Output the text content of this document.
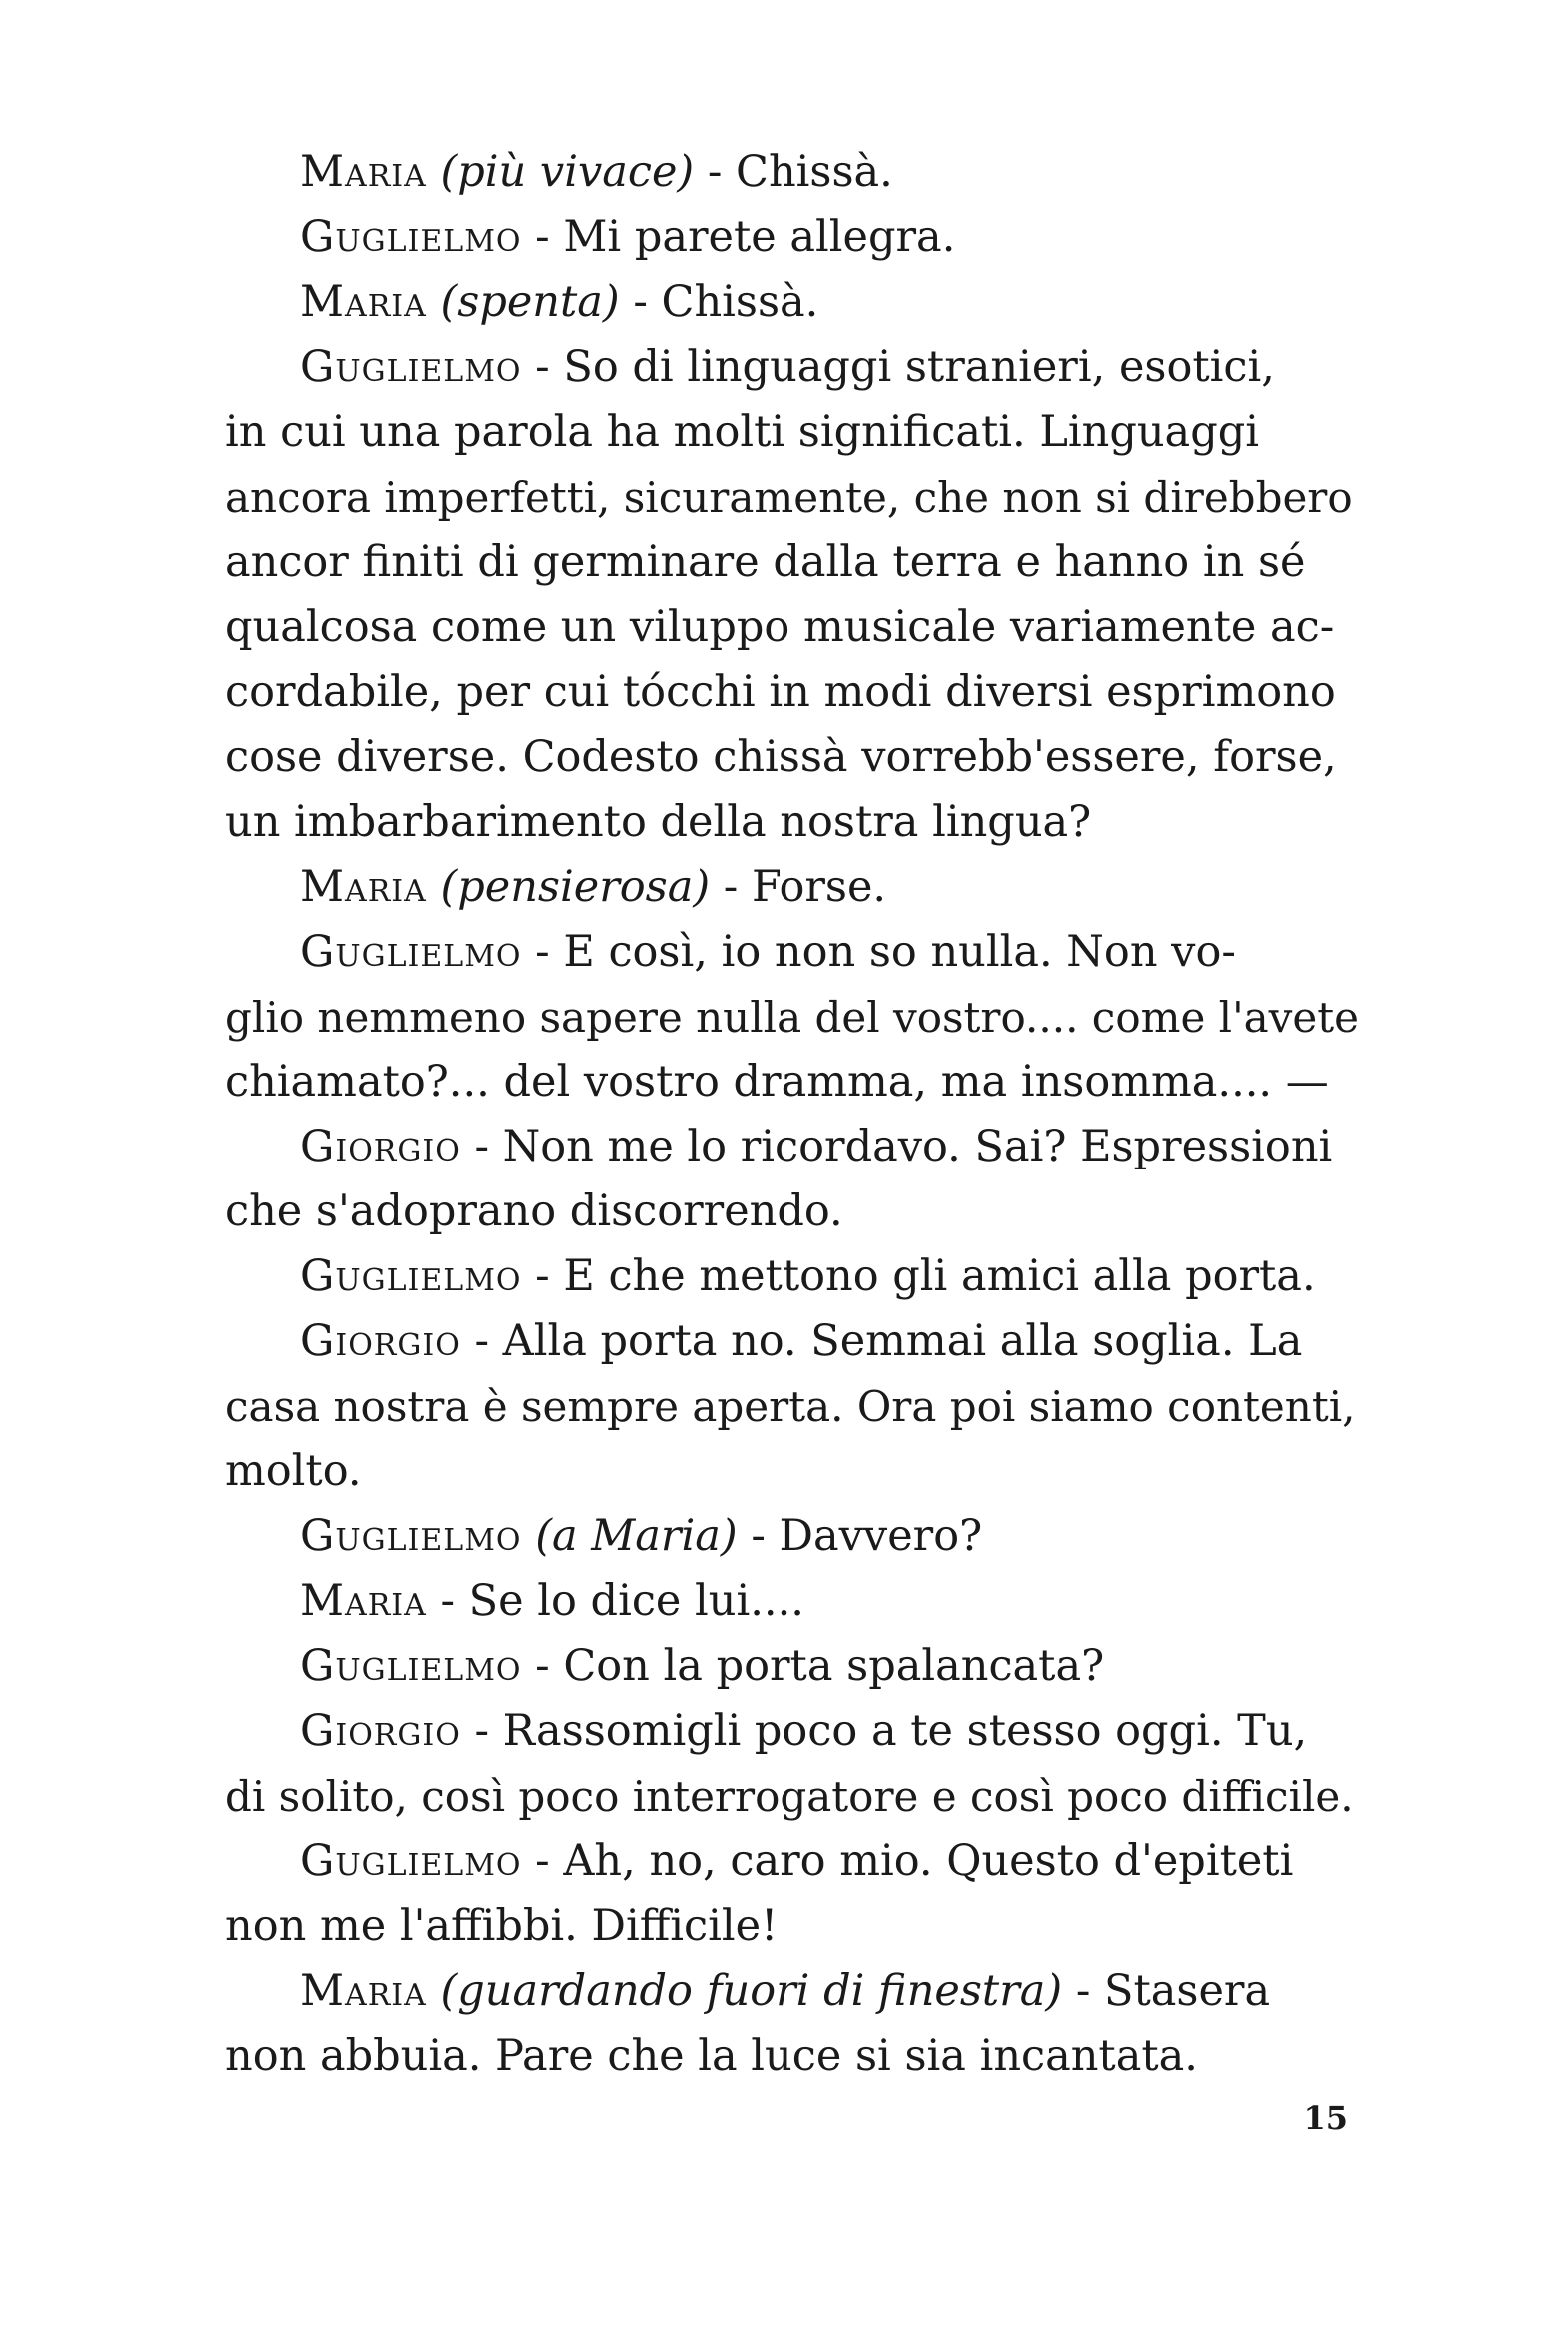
Maria (più vivace) - Chissà.
Guglielmo - Mi parete allegra.
Maria (spenta) - Chissà.
Guglielmo - So di linguaggi stranieri, esotici,
in cui una parola ha molti significati. Linguaggi
ancora imperfetti, sicuramente, che non si direbbero
ancor finiti di germinare dalla terra e hanno in sé
qualcosa come un viluppo musicale variamente ac-
cordabile, per cui tócchi in modi diversi esprimono
cose diverse. Codesto chissà vorrebb'essere, forse,
un imbarbarimento della nostra lingua?
Maria (pensierosa) - Forse.
Guglielmo - E così, io non so nulla. Non vo-
glio nemmeno sapere nulla del vostro.... come l'avete
chiamato?... del vostro dramma, ma insomma.... —
Giorgio - Non me lo ricordavo. Sai? Espressioni
che s'adoprano discorrendo.
Guglielmo - E che mettono gli amici alla porta.
Giorgio - Alla porta no. Semmai alla soglia. La
casa nostra è sempre aperta. Ora poi siamo contenti,
molto.
Guglielmo (a Maria) - Davvero?
Maria - Se lo dice lui....
Guglielmo - Con la porta spalancata?
Giorgio - Rassomigli poco a te stesso oggi. Tu,
di solito, così poco interrogatore e così poco difficile.
Guglielmo - Ah, no, caro mio. Questo d'epiteti
non me l'affibbi. Difficile!
Maria (guardando fuori di finestra) - Stasera
non abbuia. Pare che la luce si sia incantata.
15
